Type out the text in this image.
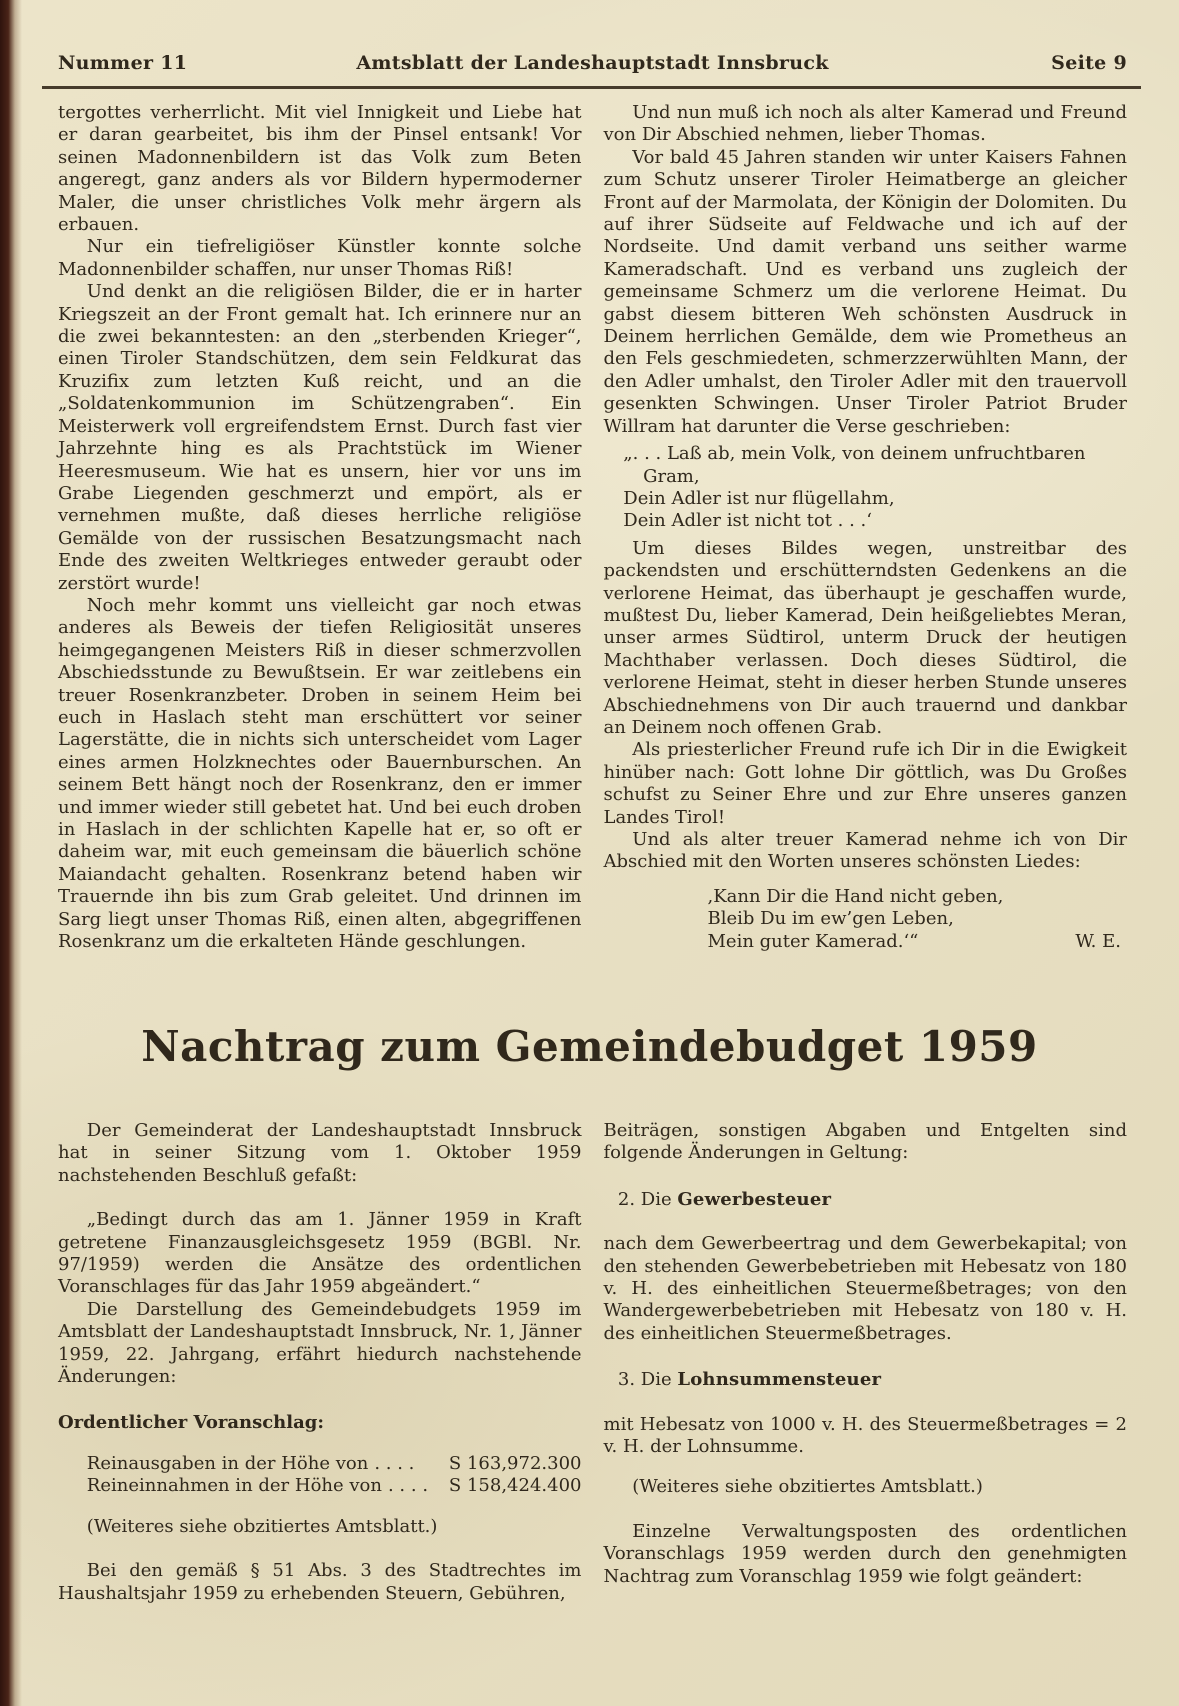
Nummer 11	Amtsblatt der Landeshauptstadt Innsbruck	Seite 9

tergottes verherrlicht. Mit viel Innigkeit und Liebe hat er daran gearbeitet, bis ihm der Pinsel entsank! Vor seinen Madonnenbildern ist das Volk zum Beten angeregt, ganz anders als vor Bildern hypermoderner Maler, die unser christliches Volk mehr ärgern als erbauen.

Nur ein tiefreligiöser Künstler konnte solche Madonnenbilder schaffen, nur unser Thomas Riß!

Und denkt an die religiösen Bilder, die er in harter Kriegszeit an der Front gemalt hat. Ich erinnere nur an die zwei bekanntesten: an den „sterbenden Krieger“, einen Tiroler Standschützen, dem sein Feldkurat das Kruzifix zum letzten Kuß reicht, und an die „Soldatenkommunion im Schützengraben“. Ein Meisterwerk voll ergreifendstem Ernst. Durch fast vier Jahrzehnte hing es als Prachtstück im Wiener Heeresmuseum. Wie hat es unsern, hier vor uns im Grabe Liegenden geschmerzt und empört, als er vernehmen mußte, daß dieses herrliche religiöse Gemälde von der russischen Besatzungsmacht nach Ende des zweiten Weltkrieges entweder geraubt oder zerstört wurde!

Noch mehr kommt uns vielleicht gar noch etwas anderes als Beweis der tiefen Religiosität unseres heimgegangenen Meisters Riß in dieser schmerzvollen Abschiedsstunde zu Bewußtsein. Er war zeitlebens ein treuer Rosenkranzbeter. Droben in seinem Heim bei euch in Haslach steht man erschüttert vor seiner Lagerstätte, die in nichts sich unterscheidet vom Lager eines armen Holzknechtes oder Bauernburschen. An seinem Bett hängt noch der Rosenkranz, den er immer und immer wieder still gebetet hat. Und bei euch droben in Haslach in der schlichten Kapelle hat er, so oft er daheim war, mit euch gemeinsam die bäuerlich schöne Maiandacht gehalten. Rosenkranz betend haben wir Trauernde ihn bis zum Grab geleitet. Und drinnen im Sarg liegt unser Thomas Riß, einen alten, abgegriffenen Rosenkranz um die erkalteten Hände geschlungen.

Und nun muß ich noch als alter Kamerad und Freund von Dir Abschied nehmen, lieber Thomas.

Vor bald 45 Jahren standen wir unter Kaisers Fahnen zum Schutz unserer Tiroler Heimatberge an gleicher Front auf der Marmolata, der Königin der Dolomiten. Du auf ihrer Südseite auf Feldwache und ich auf der Nordseite. Und damit verband uns seither warme Kameradschaft. Und es verband uns zugleich der gemeinsame Schmerz um die verlorene Heimat. Du gabst diesem bitteren Weh schönsten Ausdruck in Deinem herrlichen Gemälde, dem wie Prometheus an den Fels geschmiedeten, schmerzzerwühlten Mann, der den Adler umhalst, den Tiroler Adler mit den trauervoll gesenkten Schwingen. Unser Tiroler Patriot Bruder Willram hat darunter die Verse geschrieben:

„. . . Laß ab, mein Volk, von deinem unfruchtbaren
Gram,
Dein Adler ist nur flügellahm,
Dein Adler ist nicht tot . . .‘

Um dieses Bildes wegen, unstreitbar des packendsten und erschütterndsten Gedenkens an die verlorene Heimat, das überhaupt je geschaffen wurde, mußtest Du, lieber Kamerad, Dein heißgeliebtes Meran, unser armes Südtirol, unterm Druck der heutigen Machthaber verlassen. Doch dieses Südtirol, die verlorene Heimat, steht in dieser herben Stunde unseres Abschiednehmens von Dir auch trauernd und dankbar an Deinem noch offenen Grab.

Als priesterlicher Freund rufe ich Dir in die Ewigkeit hinüber nach: Gott lohne Dir göttlich, was Du Großes schufst zu Seiner Ehre und zur Ehre unseres ganzen Landes Tirol!

Und als alter treuer Kamerad nehme ich von Dir Abschied mit den Worten unseres schönsten Liedes:

,Kann Dir die Hand nicht geben,
Bleib Du im ew’gen Leben,
Mein guter Kamerad.‘“	W. E.
Nachtrag zum Gemeindebudget 1959

Der Gemeinderat der Landeshauptstadt Innsbruck hat in seiner Sitzung vom 1. Oktober 1959 nachstehenden Beschluß gefaßt:

„Bedingt durch das am 1. Jänner 1959 in Kraft getretene Finanzausgleichsgesetz 1959 (BGBl. Nr. 97/1959) werden die Ansätze des ordentlichen Voranschlages für das Jahr 1959 abgeändert.“

Die Darstellung des Gemeindebudgets 1959 im Amtsblatt der Landeshauptstadt Innsbruck, Nr. 1, Jänner 1959, 22. Jahrgang, erfährt hiedurch nachstehende Änderungen:

Ordentlicher Voranschlag:

Reinausgaben in der Höhe von . . . .	S 163,972.300
Reineinnahmen in der Höhe von . . . .	S 158,424.400

(Weiteres siehe obzitiertes Amtsblatt.)

Bei den gemäß § 51 Abs. 3 des Stadtrechtes im Haushaltsjahr 1959 zu erhebenden Steuern, Gebühren,

Beiträgen, sonstigen Abgaben und Entgelten sind folgende Änderungen in Geltung:

2. Die Gewerbesteuer

nach dem Gewerbeertrag und dem Gewerbekapital; von den stehenden Gewerbebetrieben mit Hebesatz von 180 v. H. des einheitlichen Steuermeßbetrages; von den Wandergewerbebetrieben mit Hebesatz von 180 v. H. des einheitlichen Steuermeßbetrages.

3. Die Lohnsummensteuer

mit Hebesatz von 1000 v. H. des Steuermeßbetrages = 2 v. H. der Lohnsumme.

(Weiteres siehe obzitiertes Amtsblatt.)

Einzelne Verwaltungsposten des ordentlichen Voranschlags 1959 werden durch den genehmigten Nachtrag zum Voranschlag 1959 wie folgt geändert:
